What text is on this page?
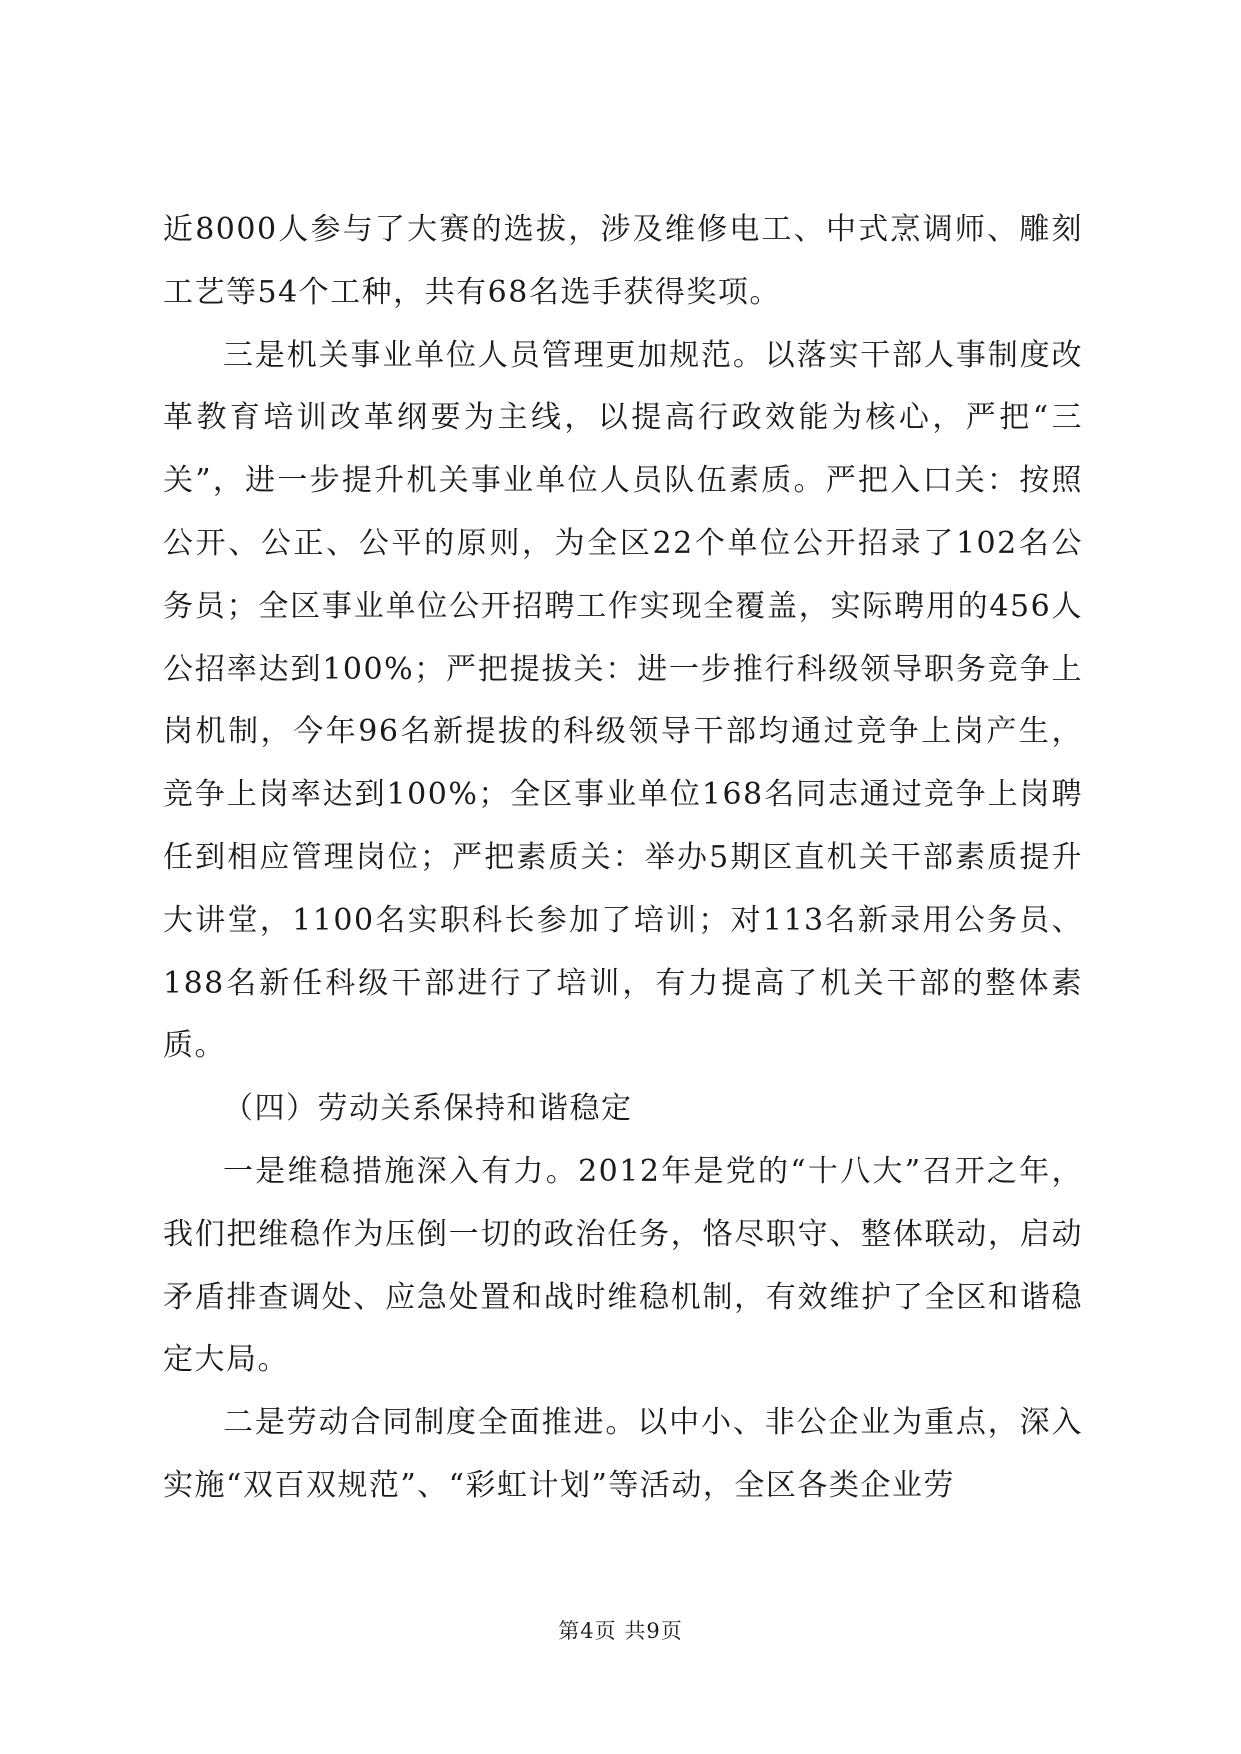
近8000人参与了大赛的选拔，涉及维修电工、中式烹调师、雕刻工艺等54个工种，共有68名选手获得奖项。

三是机关事业单位人员管理更加规范。以落实干部人事制度改革教育培训改革纲要为主线，以提高行政效能为核心，严把“三关”，进一步提升机关事业单位人员队伍素质。严把入口关：按照公开、公正、公平的原则，为全区22个单位公开招录了102名公务员；全区事业单位公开招聘工作实现全覆盖，实际聘用的456人公招率达到100%；严把提拔关：进一步推行科级领导职务竞争上岗机制，今年96名新提拔的科级领导干部均通过竞争上岗产生，竞争上岗率达到100%；全区事业单位168名同志通过竞争上岗聘任到相应管理岗位；严把素质关：举办5期区直机关干部素质提升大讲堂，1100名实职科长参加了培训；对113名新录用公务员、188名新任科级干部进行了培训，有力提高了机关干部的整体素质。

（四）劳动关系保持和谐稳定

一是维稳措施深入有力。2012年是党的“十八大”召开之年，我们把维稳作为压倒一切的政治任务，恪尽职守、整体联动，启动矛盾排查调处、应急处置和战时维稳机制，有效维护了全区和谐稳定大局。

二是劳动合同制度全面推进。以中小、非公企业为重点，深入实施“双百双规范”、“彩虹计划”等活动，全区各类企业劳

第4页 共9页
